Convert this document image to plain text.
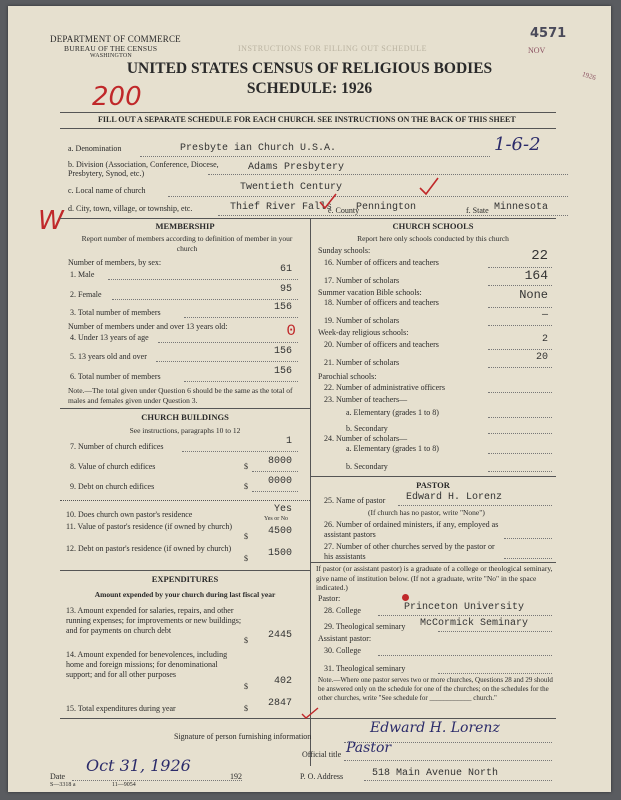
DEPARTMENT OF COMMERCE
BUREAU OF THE CENSUS
WASHINGTON
4571
NOV
1926
INSTRUCTIONS FOR FILLING OUT SCHEDULE
UNITED STATES CENSUS OF RELIGIOUS BODIES
SCHEDULE: 1926
200
FILL OUT A SEPARATE SCHEDULE FOR EACH CHURCH. SEE INSTRUCTIONS ON THE BACK OF THIS SHEET
a. Denomination	Presbyte ian Church U.S.A.	1-6-2
b. Division (Association, Conference, Diocese, Presbytery, Synod, etc.)
Adams Presbytery
c. Local name of church	Twentieth Century
d. City, town, village, or township, etc.	Thief River Falls
e. County
Pennington	f. State Minnesota
W	MEMBERSHIP
Report number of members according to definition of member in your church
Number of members, by sex:
1. Male	61
2. Female	95
3. Total number of members	156
Number of members under and over 13 years old:
4. Under 13 years of age	0
5. 13 years old and over	156
6. Total number of members	156
Note.—The total given under Question 6 should be the same as the total of males and females given under Question 3.
CHURCH BUILDINGS
See instructions, paragraphs 10 to 12
7. Number of church edifices	1
8. Value of church edifices	$	8000
9. Debt on church edifices	$	0000
10. Does church own pastor's residence	Yes
Yes or No
11. Value of pastor's residence (if owned by church)
$	4500
12. Debt on pastor's residence (if owned by church)
$	1500
EXPENDITURES
Amount expended by your church during last fiscal year
13. Amount expended for salaries, repairs, and other running expenses; for improvements or new buildings; and for payments on church debt
$	2445
14. Amount expended for benevolences, including home and foreign missions; for denominational support; and for all other purposes
$	402
15. Total expenditures during year	$	2847
CHURCH SCHOOLS
Report here only schools conducted by this church
Sunday schools:
16. Number of officers and teachers	22
17. Number of scholars	164
Summer vacation Bible schools:
18. Number of officers and teachers
None
19. Number of scholars	—
Week-day religious schools:
20. Number of officers and teachers	2
21. Number of scholars	20
Parochial schools:
22. Number of administrative officers
23. Number of teachers—
a. Elementary (grades 1 to 8)
b. Secondary
24. Number of scholars—
a. Elementary (grades 1 to 8)
b. Secondary
PASTOR
25. Name of pastor Edward H. Lorenz
(If church has no pastor, write "None")
26. Number of ordained ministers, if any, employed as assistant pastors
27. Number of other churches served by the pastor or his assistants
If pastor (or assistant pastor) is a graduate of a college or theological seminary, give name of institution below. (If not a graduate, write "No" in the space indicated.)
Pastor:
28. College	Princeton University
29. Theological seminary McCormick Seminary
Assistant pastor:
30. College
31. Theological seminary
Note.—Where one pastor serves two or more churches, Questions 28 and 29 should be answered only on the schedule for one of the churches; on the schedules for the other churches, write "See schedule for ____________ church."
Signature of person furnishing information
Edward H. Lorenz
Official title Pastor
Date
Oct 31, 1926
192	P. O. Address	518 Main Avenue North
S—3318 a	11—9054
